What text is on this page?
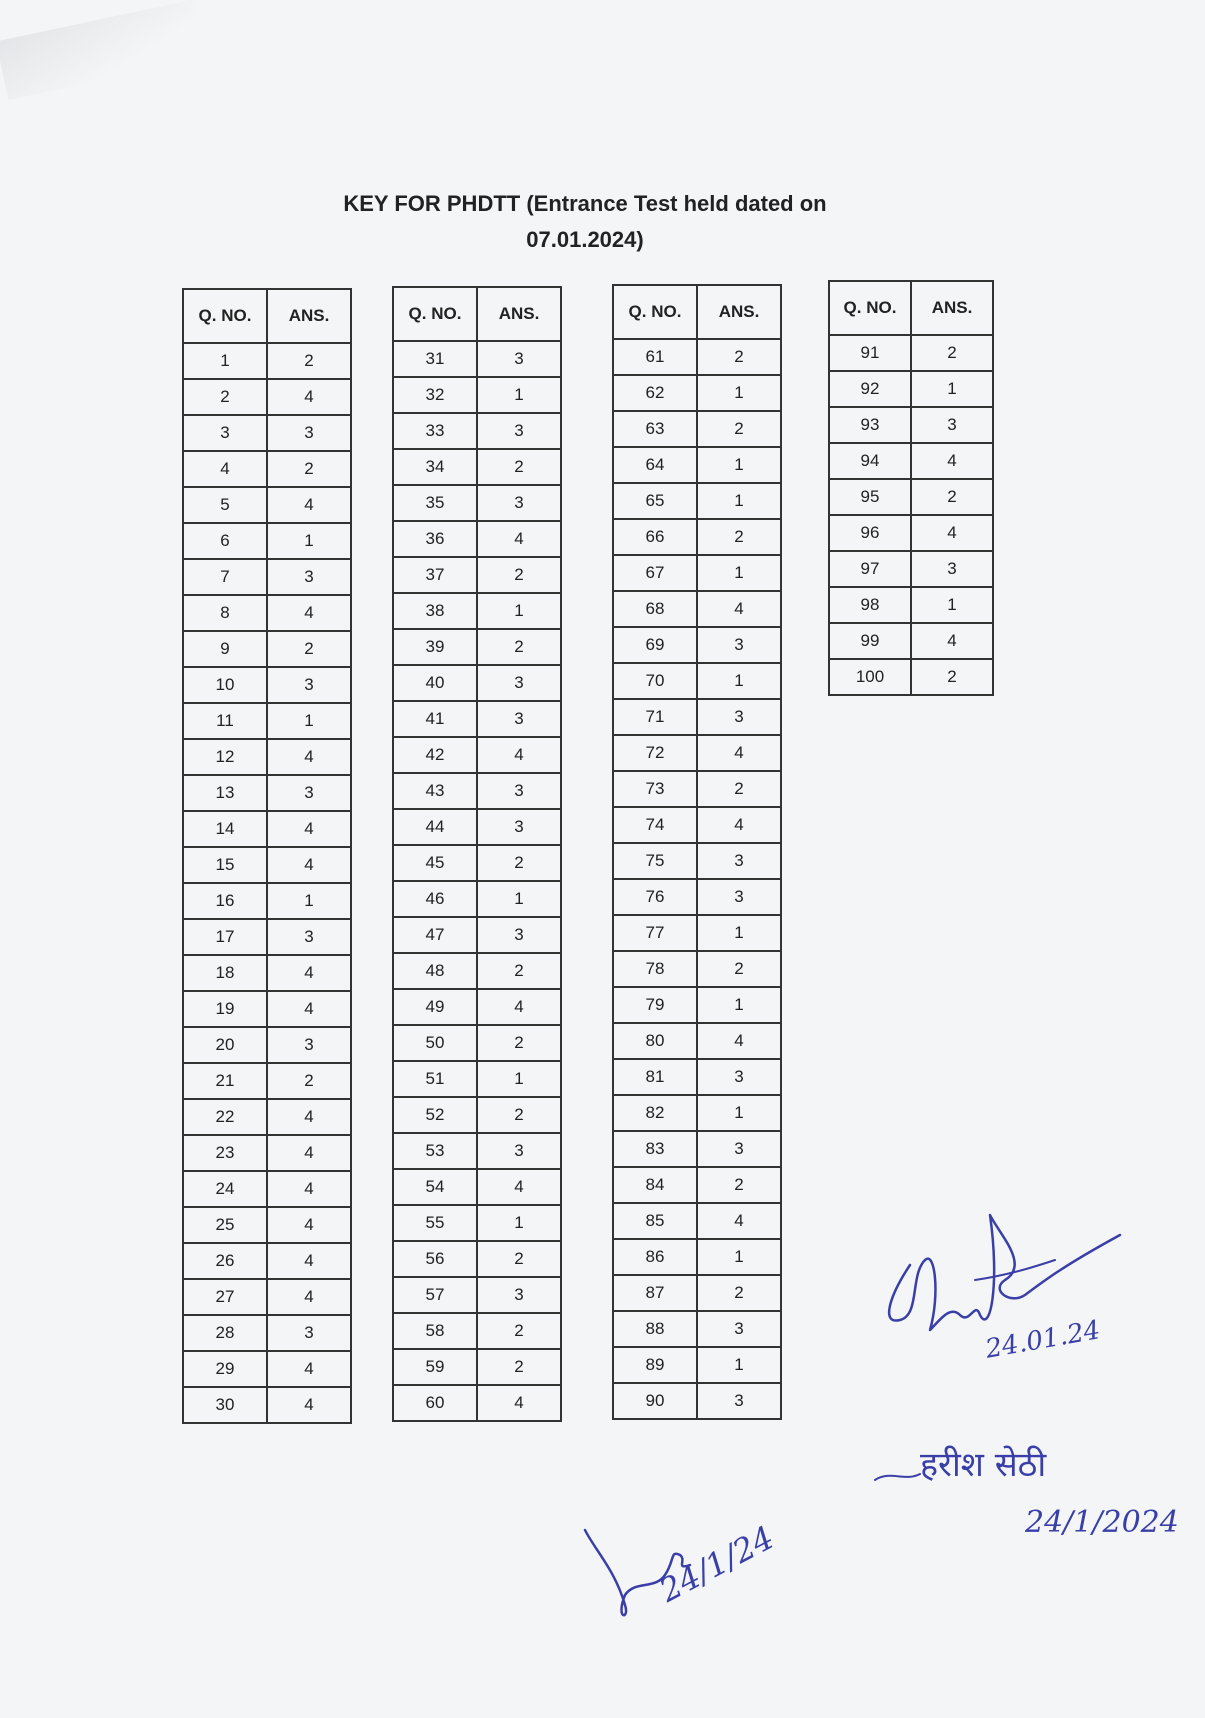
KEY FOR PHDTT (Entrance Test held dated on
07.01.2024)
Q. NO.	ANS.
1	2
2	4
3	3
4	2
5	4
6	1
7	3
8	4
9	2
10	3
11	1
12	4
13	3
14	4
15	4
16	1
17	3
18	4
19	4
20	3
21	2
22	4
23	4
24	4
25	4
26	4
27	4
28	3
29	4
30	4
Q. NO.	ANS.
31	3
32	1
33	3
34	2
35	3
36	4
37	2
38	1
39	2
40	3
41	3
42	4
43	3
44	3
45	2
46	1
47	3
48	2
49	4
50	2
51	1
52	2
53	3
54	4
55	1
56	2
57	3
58	2
59	2
60	4
Q. NO.	ANS.
61	2
62	1
63	2
64	1
65	1
66	2
67	1
68	4
69	3
70	1
71	3
72	4
73	2
74	4
75	3
76	3
77	1
78	2
79	1
80	4
81	3
82	1
83	3
84	2
85	4
86	1
87	2
88	3
89	1
90	3
Q. NO.	ANS.
91	2
92	1
93	3
94	4
95	2
96	4
97	3
98	1
99	4
100	2
24.01.24
हरीश सेठी
24/1/2024
24/1/24
